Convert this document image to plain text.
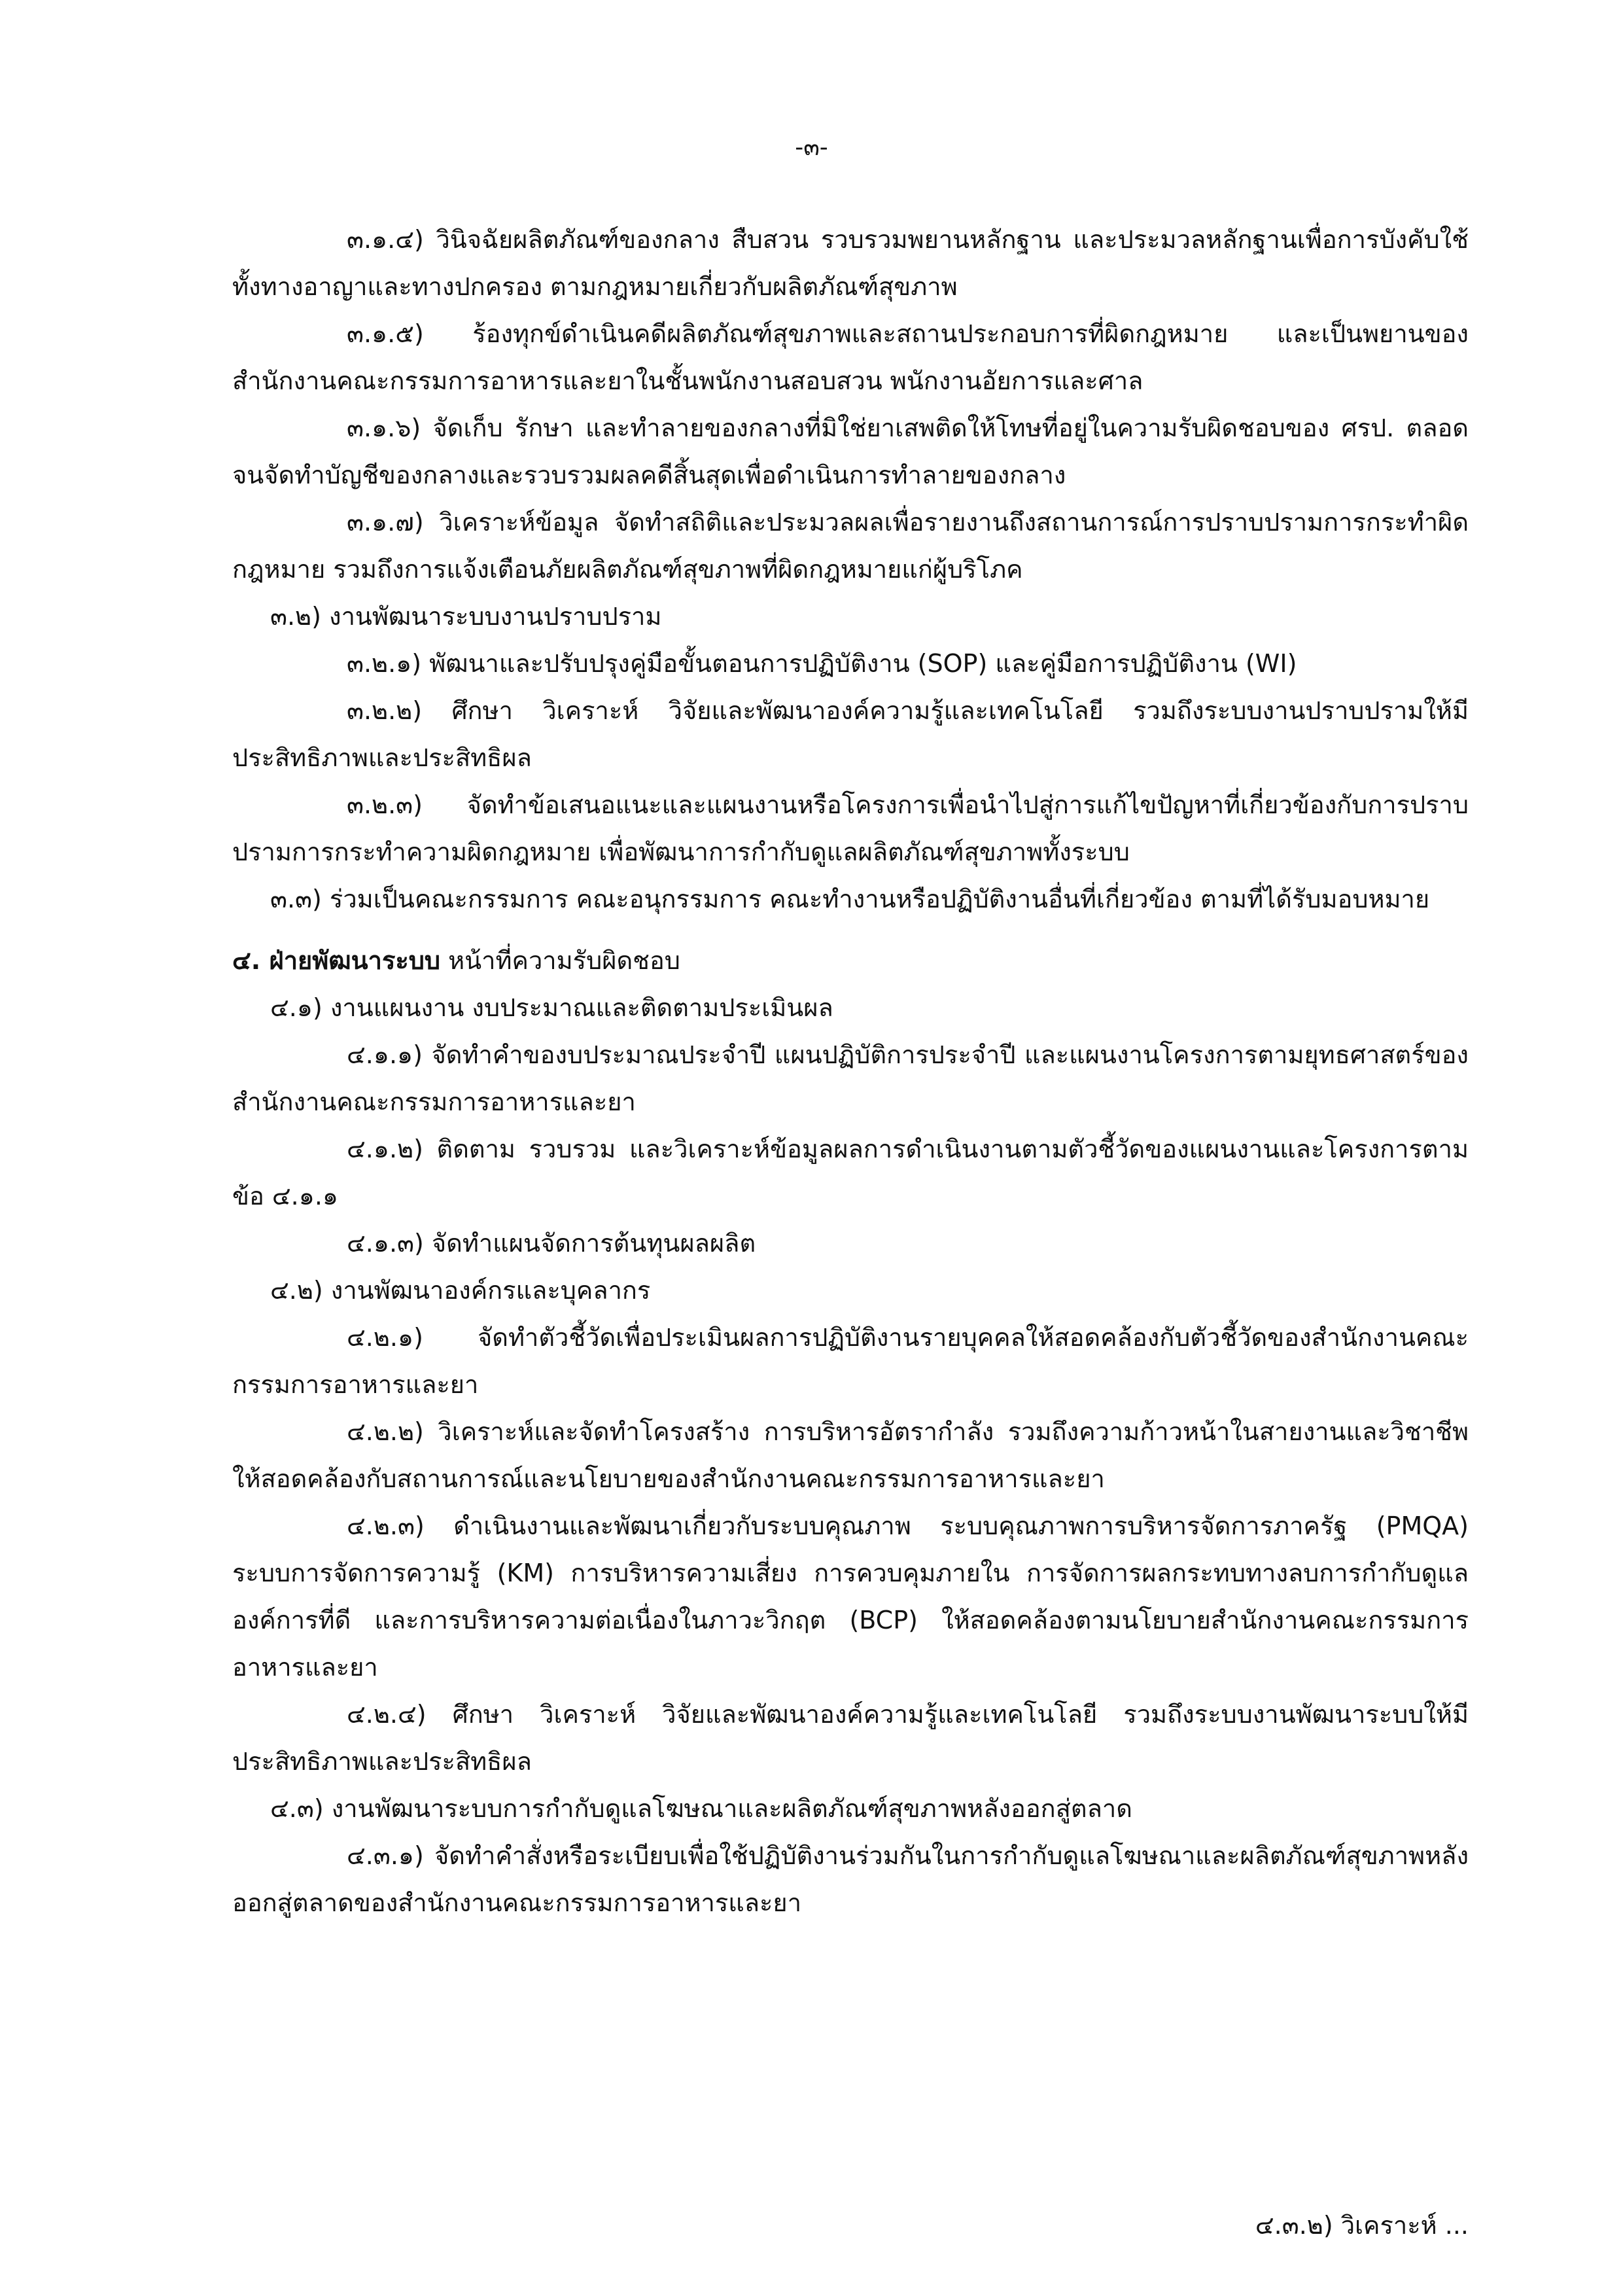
-๓-
๓.๑.๔) วินิจฉัยผลิตภัณฑ์ของกลาง สืบสวน รวบรวมพยานหลักฐาน และประมวลหลักฐานเพื่อการบังคับใช้ทั้งทางอาญาและทางปกครอง ตามกฎหมายเกี่ยวกับผลิตภัณฑ์สุขภาพ
๓.๑.๕) ร้องทุกข์ดำเนินคดีผลิตภัณฑ์สุขภาพและสถานประกอบการที่ผิดกฎหมาย และเป็นพยานของสำนักงานคณะกรรมการอาหารและยาในชั้นพนักงานสอบสวน พนักงานอัยการและศาล
๓.๑.๖) จัดเก็บ รักษา และทำลายของกลางที่มิใช่ยาเสพติดให้โทษที่อยู่ในความรับผิดชอบของ ศรป. ตลอดจนจัดทำบัญชีของกลางและรวบรวมผลคดีสิ้นสุดเพื่อดำเนินการทำลายของกลาง
๓.๑.๗) วิเคราะห์ข้อมูล จัดทำสถิติและประมวลผลเพื่อรายงานถึงสถานการณ์การปราบปรามการกระทำผิดกฎหมาย รวมถึงการแจ้งเตือนภัยผลิตภัณฑ์สุขภาพที่ผิดกฎหมายแก่ผู้บริโภค
๓.๒) งานพัฒนาระบบงานปราบปราม
๓.๒.๑) พัฒนาและปรับปรุงคู่มือขั้นตอนการปฏิบัติงาน (SOP) และคู่มือการปฏิบัติงาน (WI)
๓.๒.๒) ศึกษา วิเคราะห์ วิจัยและพัฒนาองค์ความรู้และเทคโนโลยี รวมถึงระบบงานปราบปรามให้มีประสิทธิภาพและประสิทธิผล
๓.๒.๓) จัดทำข้อเสนอแนะและแผนงานหรือโครงการเพื่อนำไปสู่การแก้ไขปัญหาที่เกี่ยวข้องกับการปราบปรามการกระทำความผิดกฎหมาย เพื่อพัฒนาการกำกับดูแลผลิตภัณฑ์สุขภาพทั้งระบบ
๓.๓) ร่วมเป็นคณะกรรมการ คณะอนุกรรมการ คณะทำงานหรือปฏิบัติงานอื่นที่เกี่ยวข้อง ตามที่ได้รับมอบหมาย
๔. ฝ่ายพัฒนาระบบ หน้าที่ความรับผิดชอบ
๔.๑) งานแผนงาน งบประมาณและติดตามประเมินผล
๔.๑.๑) จัดทำคำของบประมาณประจำปี แผนปฏิบัติการประจำปี และแผนงานโครงการตามยุทธศาสตร์ของสำนักงานคณะกรรมการอาหารและยา
๔.๑.๒) ติดตาม รวบรวม และวิเคราะห์ข้อมูลผลการดำเนินงานตามตัวชี้วัดของแผนงานและโครงการตามข้อ ๔.๑.๑
๔.๑.๓) จัดทำแผนจัดการต้นทุนผลผลิต
๔.๒) งานพัฒนาองค์กรและบุคลากร
๔.๒.๑) จัดทำตัวชี้วัดเพื่อประเมินผลการปฏิบัติงานรายบุคคลให้สอดคล้องกับตัวชี้วัดของสำนักงานคณะกรรมการอาหารและยา
๔.๒.๒) วิเคราะห์และจัดทำโครงสร้าง การบริหารอัตรากำลัง รวมถึงความก้าวหน้าในสายงานและวิชาชีพ ให้สอดคล้องกับสถานการณ์และนโยบายของสำนักงานคณะกรรมการอาหารและยา
๔.๒.๓) ดำเนินงานและพัฒนาเกี่ยวกับระบบคุณภาพ ระบบคุณภาพการบริหารจัดการภาครัฐ (PMQA) ระบบการจัดการความรู้ (KM) การบริหารความเสี่ยง การควบคุมภายใน การจัดการผลกระทบทางลบการกำกับดูแลองค์การที่ดี และการบริหารความต่อเนื่องในภาวะวิกฤต (BCP) ให้สอดคล้องตามนโยบายสำนักงานคณะกรรมการอาหารและยา
๔.๒.๔) ศึกษา วิเคราะห์ วิจัยและพัฒนาองค์ความรู้และเทคโนโลยี รวมถึงระบบงานพัฒนาระบบให้มีประสิทธิภาพและประสิทธิผล
๔.๓) งานพัฒนาระบบการกำกับดูแลโฆษณาและผลิตภัณฑ์สุขภาพหลังออกสู่ตลาด
๔.๓.๑) จัดทำคำสั่งหรือระเบียบเพื่อใช้ปฏิบัติงานร่วมกันในการกำกับดูแลโฆษณาและผลิตภัณฑ์สุขภาพหลังออกสู่ตลาดของสำนักงานคณะกรรมการอาหารและยา
๔.๓.๒) วิเคราะห์ ...
